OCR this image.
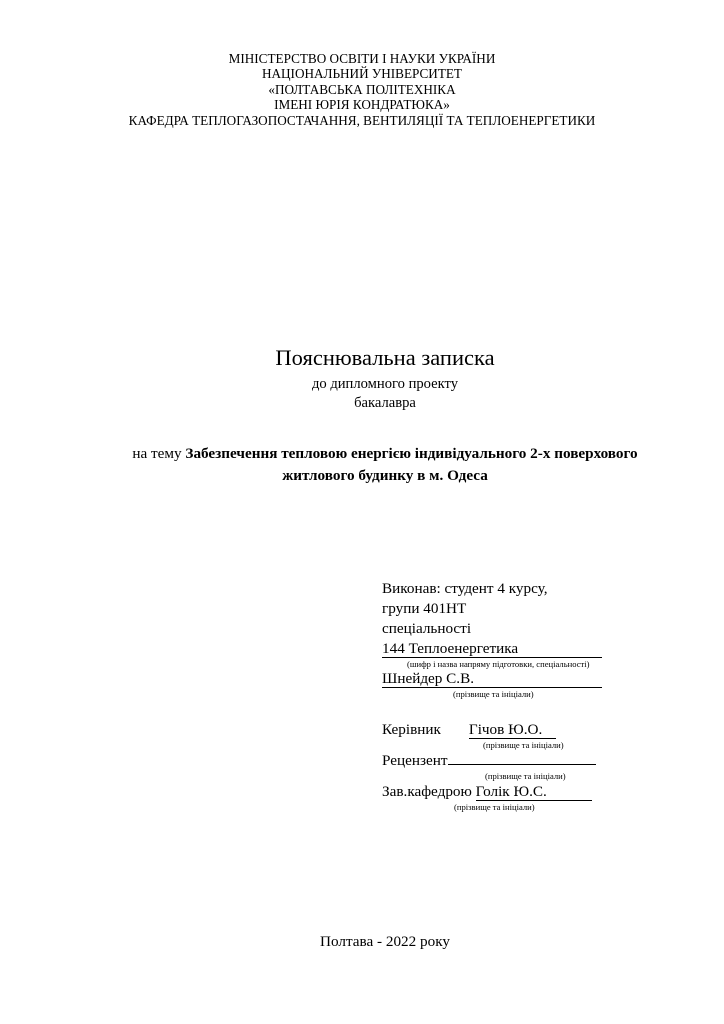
МІНІСТЕРСТВО ОСВІТИ І НАУКИ УКРАЇНИ
НАЦІОНАЛЬНИЙ УНІВЕРСИТЕТ
«ПОЛТАВСЬКА ПОЛІТЕХНІКА
ІМЕНІ ЮРІЯ КОНДРАТЮКА»
КАФЕДРА ТЕПЛОГАЗОПОСТАЧАННЯ, ВЕНТИЛЯЦІЇ ТА ТЕПЛОЕНЕРГЕТИКИ
Пояснювальна записка
до дипломного проекту
бакалавра
на тему Забезпечення тепловою енергією індивідуального 2-х поверхового
житлового будинку в м. Одеса
Виконав: студент 4 курсу,
групи 401НТ
спеціальності
144 Теплоенергетика
(шифр і назва напряму підготовки, спеціальності)
Шнейдер С.В.
(прізвище та ініціали)
Керівник Гічов Ю.О.
(прізвище та ініціали)
Рецензент
(прізвище та ініціали)
Зав.кафедрою Голік Ю.С.
(прізвище та ініціали)
Полтава - 2022 року
